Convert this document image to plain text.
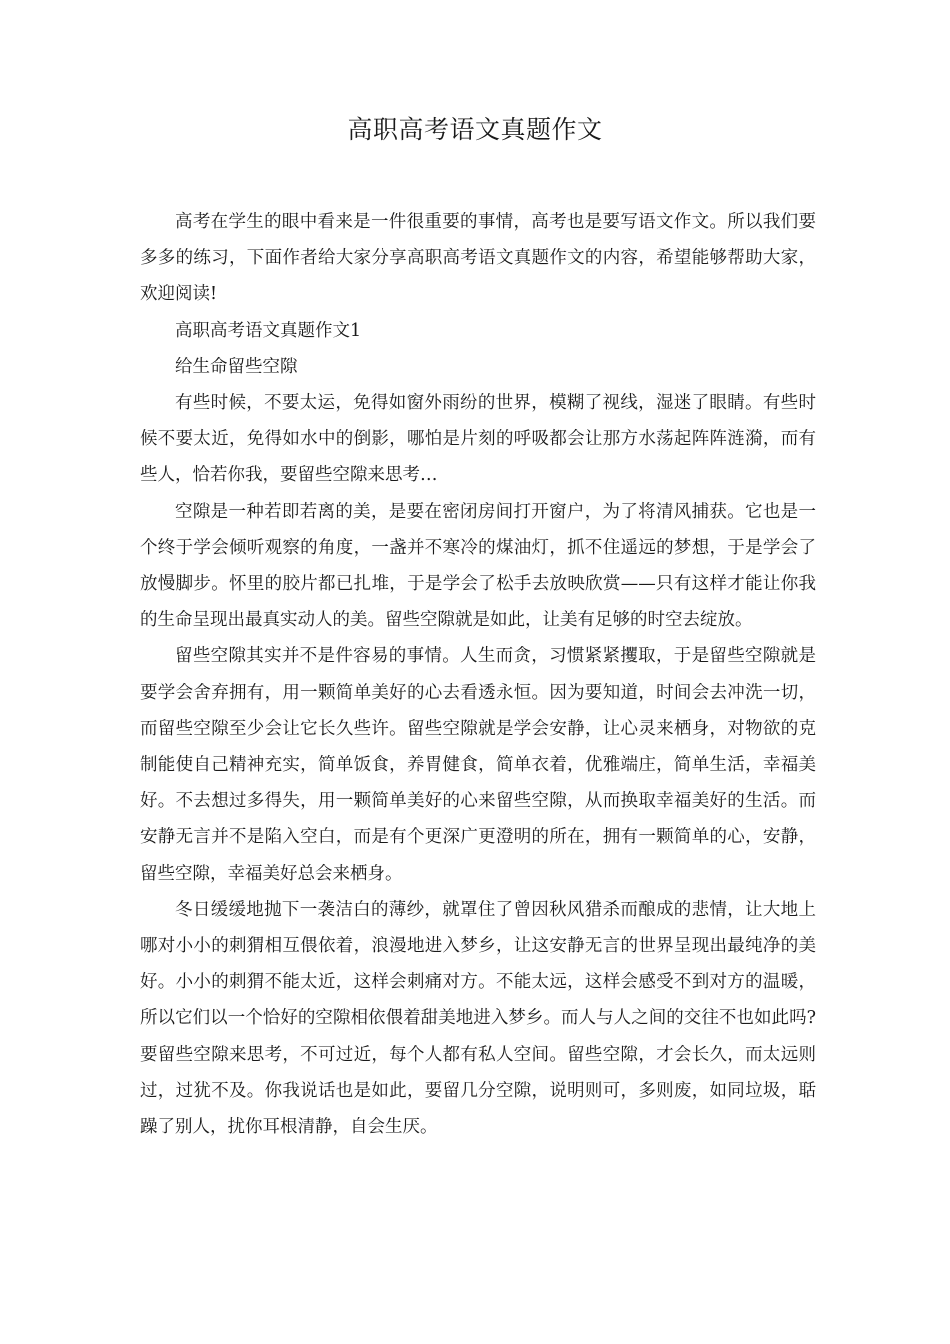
高职高考语文真题作文

高考在学生的眼中看来是一件很重要的事情，高考也是要写语文作文。所以我们要多多的练习，下面作者给大家分享高职高考语文真题作文的内容，希望能够帮助大家，欢迎阅读!

高职高考语文真题作文1

给生命留些空隙

有些时候，不要太运，免得如窗外雨纷的世界，模糊了视线，湿迷了眼睛。有些时候不要太近，免得如水中的倒影，哪怕是片刻的呼吸都会让那方水荡起阵阵涟漪，而有些人，恰若你我，要留些空隙来思考…

空隙是一种若即若离的美，是要在密闭房间打开窗户，为了将清风捕获。它也是一个终于学会倾听观察的角度，一盏并不寒冷的煤油灯，抓不住遥远的梦想，于是学会了放慢脚步。怀里的胶片都已扎堆，于是学会了松手去放映欣赏——只有这样才能让你我的生命呈现出最真实动人的美。留些空隙就是如此，让美有足够的时空去绽放。

留些空隙其实并不是件容易的事情。人生而贪，习惯紧紧攫取，于是留些空隙就是要学会舍弃拥有，用一颗简单美好的心去看透永恒。因为要知道，时间会去冲洗一切，而留些空隙至少会让它长久些许。留些空隙就是学会安静，让心灵来栖身，对物欲的克制能使自己精神充实，简单饭食，养胃健食，简单衣着，优雅端庄，简单生活，幸福美好。不去想过多得失，用一颗简单美好的心来留些空隙，从而换取幸福美好的生活。而安静无言并不是陷入空白，而是有个更深广更澄明的所在，拥有一颗简单的心，安静，留些空隙，幸福美好总会来栖身。

冬日缓缓地抛下一袭洁白的薄纱，就罩住了曾因秋风猎杀而酿成的悲情，让大地上哪对小小的刺猬相互偎依着，浪漫地进入梦乡，让这安静无言的世界呈现出最纯净的美好。小小的刺猬不能太近，这样会刺痛对方。不能太远，这样会感受不到对方的温暖，所以它们以一个恰好的空隙相依偎着甜美地进入梦乡。而人与人之间的交往不也如此吗?要留些空隙来思考，不可过近，每个人都有私人空间。留些空隙，才会长久，而太远则过，过犹不及。你我说话也是如此，要留几分空隙，说明则可，多则废，如同垃圾，聒躁了别人，扰你耳根清静，自会生厌。
